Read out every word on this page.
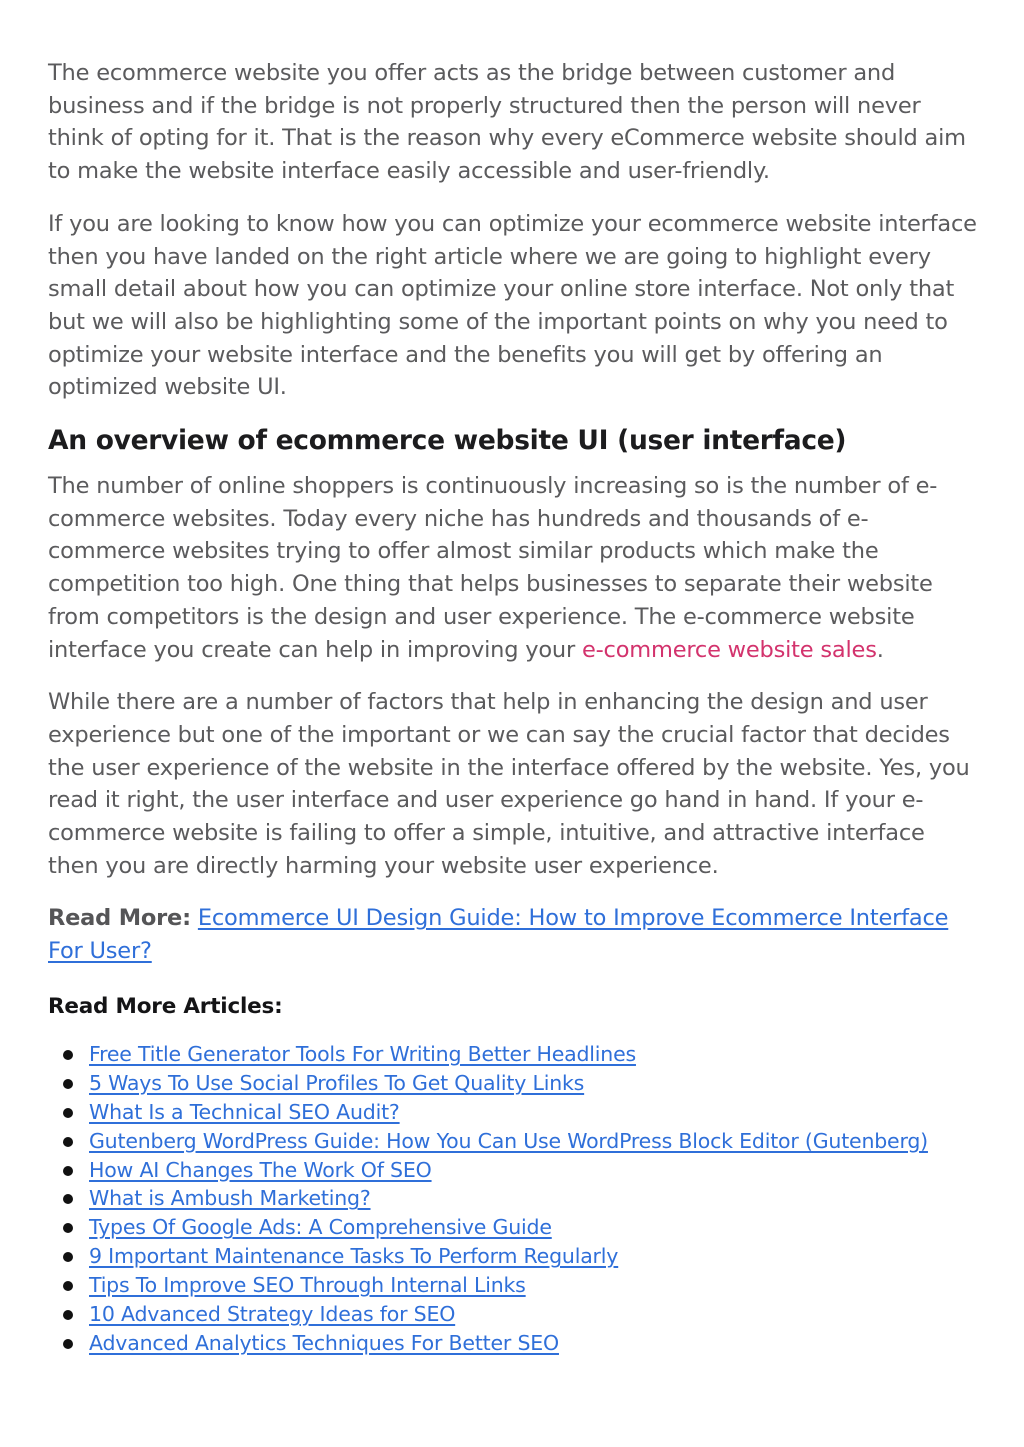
The ecommerce website you offer acts as the bridge between customer and business and if the bridge is not properly structured then the person will never think of opting for it. That is the reason why every eCommerce website should aim to make the website interface easily accessible and user-friendly.

If you are looking to know how you can optimize your ecommerce website interface then you have landed on the right article where we are going to highlight every small detail about how you can optimize your online store interface. Not only that but we will also be highlighting some of the important points on why you need to optimize your website interface and the benefits you will get by offering an optimized website UI.

An overview of ecommerce website UI (user interface)

The number of online shoppers is continuously increasing so is the number of e-commerce websites. Today every niche has hundreds and thousands of e-commerce websites trying to offer almost similar products which make the competition too high. One thing that helps businesses to separate their website from competitors is the design and user experience. The e-commerce website interface you create can help in improving your e-commerce website sales.

While there are a number of factors that help in enhancing the design and user experience but one of the important or we can say the crucial factor that decides the user experience of the website in the interface offered by the website. Yes, you read it right, the user interface and user experience go hand in hand. If your e-commerce website is failing to offer a simple, intuitive, and attractive interface then you are directly harming your website user experience.

Read More: Ecommerce UI Design Guide: How to Improve Ecommerce Interface For User?
Read More Articles:
Free Title Generator Tools For Writing Better Headlines
5 Ways To Use Social Profiles To Get Quality Links
What Is a Technical SEO Audit?
Gutenberg WordPress Guide: How You Can Use WordPress Block Editor (Gutenberg)
How AI Changes The Work Of SEO
What is Ambush Marketing?
Types Of Google Ads: A Comprehensive Guide
9 Important Maintenance Tasks To Perform Regularly
Tips To Improve SEO Through Internal Links
10 Advanced Strategy Ideas for SEO
Advanced Analytics Techniques For Better SEO
